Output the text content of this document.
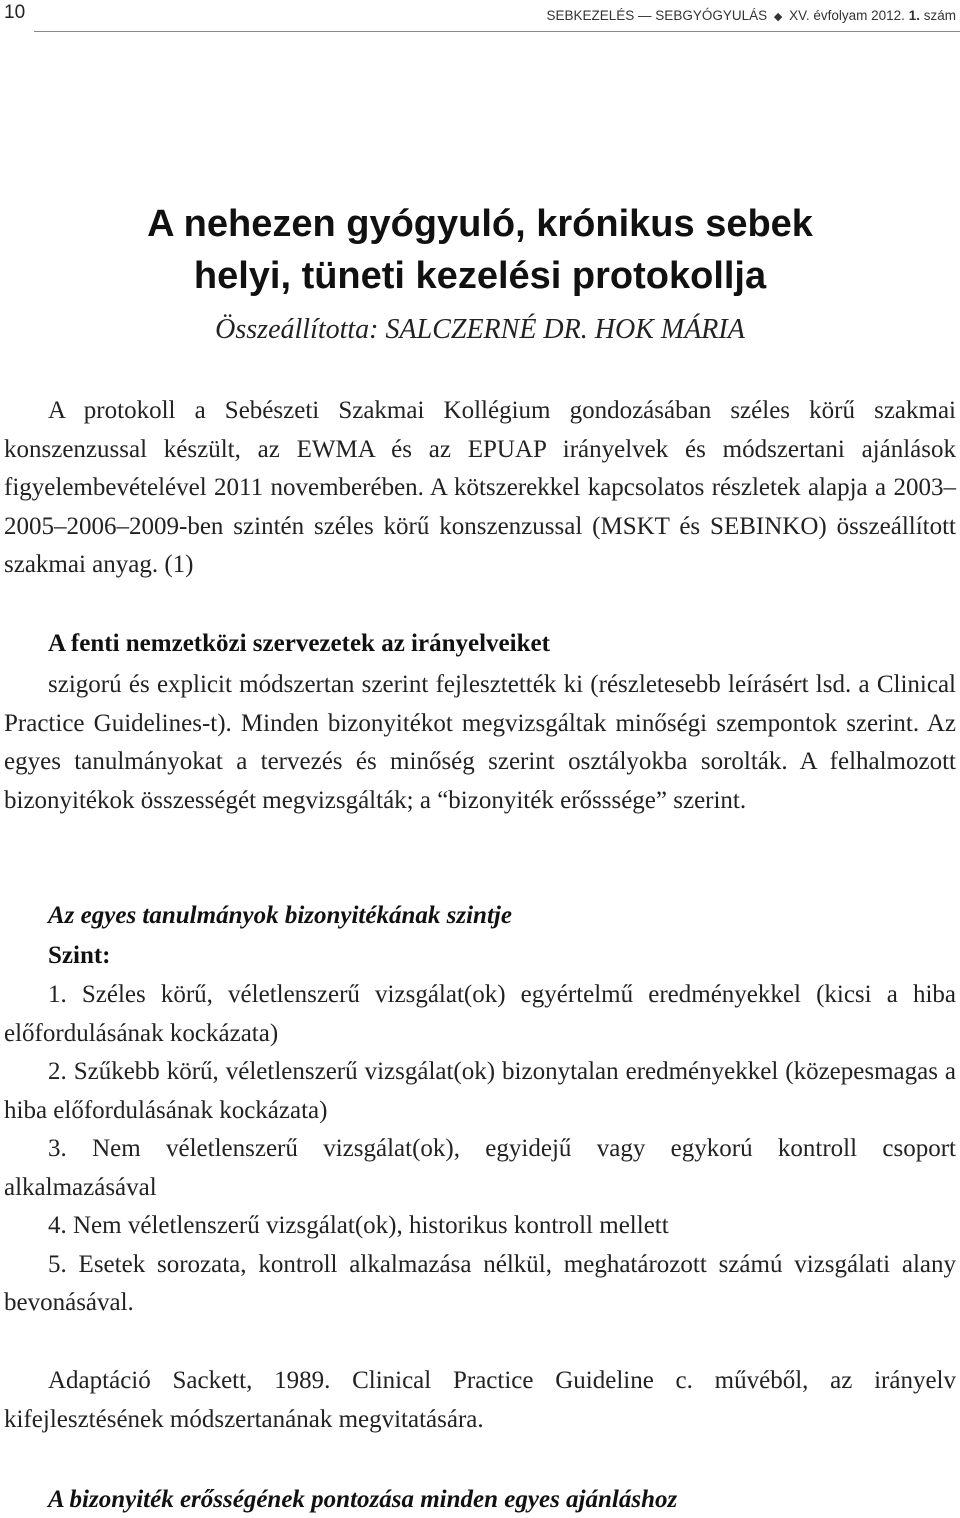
10	SEBKEZELÉS — SEBGYÓGYULÁS ◆ XV. évfolyam 2012. 1. szám
A nehezen gyógyuló, krónikus sebek
helyi, tüneti kezelési protokollja
Összeállította: SALCZERNÉ DR. HOK MÁRIA

A protokoll a Sebészeti Szakmai Kollégium gondozásában széles körű szakmai konszenzussal készült, az EWMA és az EPUAP irányelvek és módszertani ajánlások figyelembevételével 2011 novemberében. A kötszerekkel kapcsolatos részletek alapja a 2003–2005–2006–2009-ben szintén széles körű konszenzussal (MSKT és SEBINKO) összeállított szakmai anyag. (1)

A fenti nemzetközi szervezetek az irányelveiket

szigorú és explicit módszertan szerint fejlesztették ki (részletesebb leírásért lsd. a Clinical Practice Guidelines-t). Minden bizonyitékot megvizsgáltak minőségi szempontok szerint. Az egyes tanulmányokat a tervezés és minőség szerint osztályokba sorolták. A felhalmozott bizonyitékok összességét megvizsgálták; a “bizonyiték erősssége” szerint.

Az egyes tanulmányok bizonyitékának szintje
Szint:
1. Széles körű, véletlenszerű vizsgálat(ok) egyértelmű eredményekkel (kicsi a hiba előfordulásának kockázata)
2. Szűkebb körű, véletlenszerű vizsgálat(ok) bizonytalan eredményekkel (közepesmagas a hiba előfordulásának kockázata)
3. Nem véletlenszerű vizsgálat(ok), egyidejű vagy egykorú kontroll csoport alkalmazásával
4. Nem véletlenszerű vizsgálat(ok), historikus kontroll mellett
5. Esetek sorozata, kontroll alkalmazása nélkül, meghatározott számú vizsgálati alany bevonásával.

Adaptáció Sackett, 1989. Clinical Practice Guideline c. művéből, az irányelv kifejlesztésének módszertanának megvitatására.

A bizonyiték erősségének pontozása minden egyes ajánláshoz
